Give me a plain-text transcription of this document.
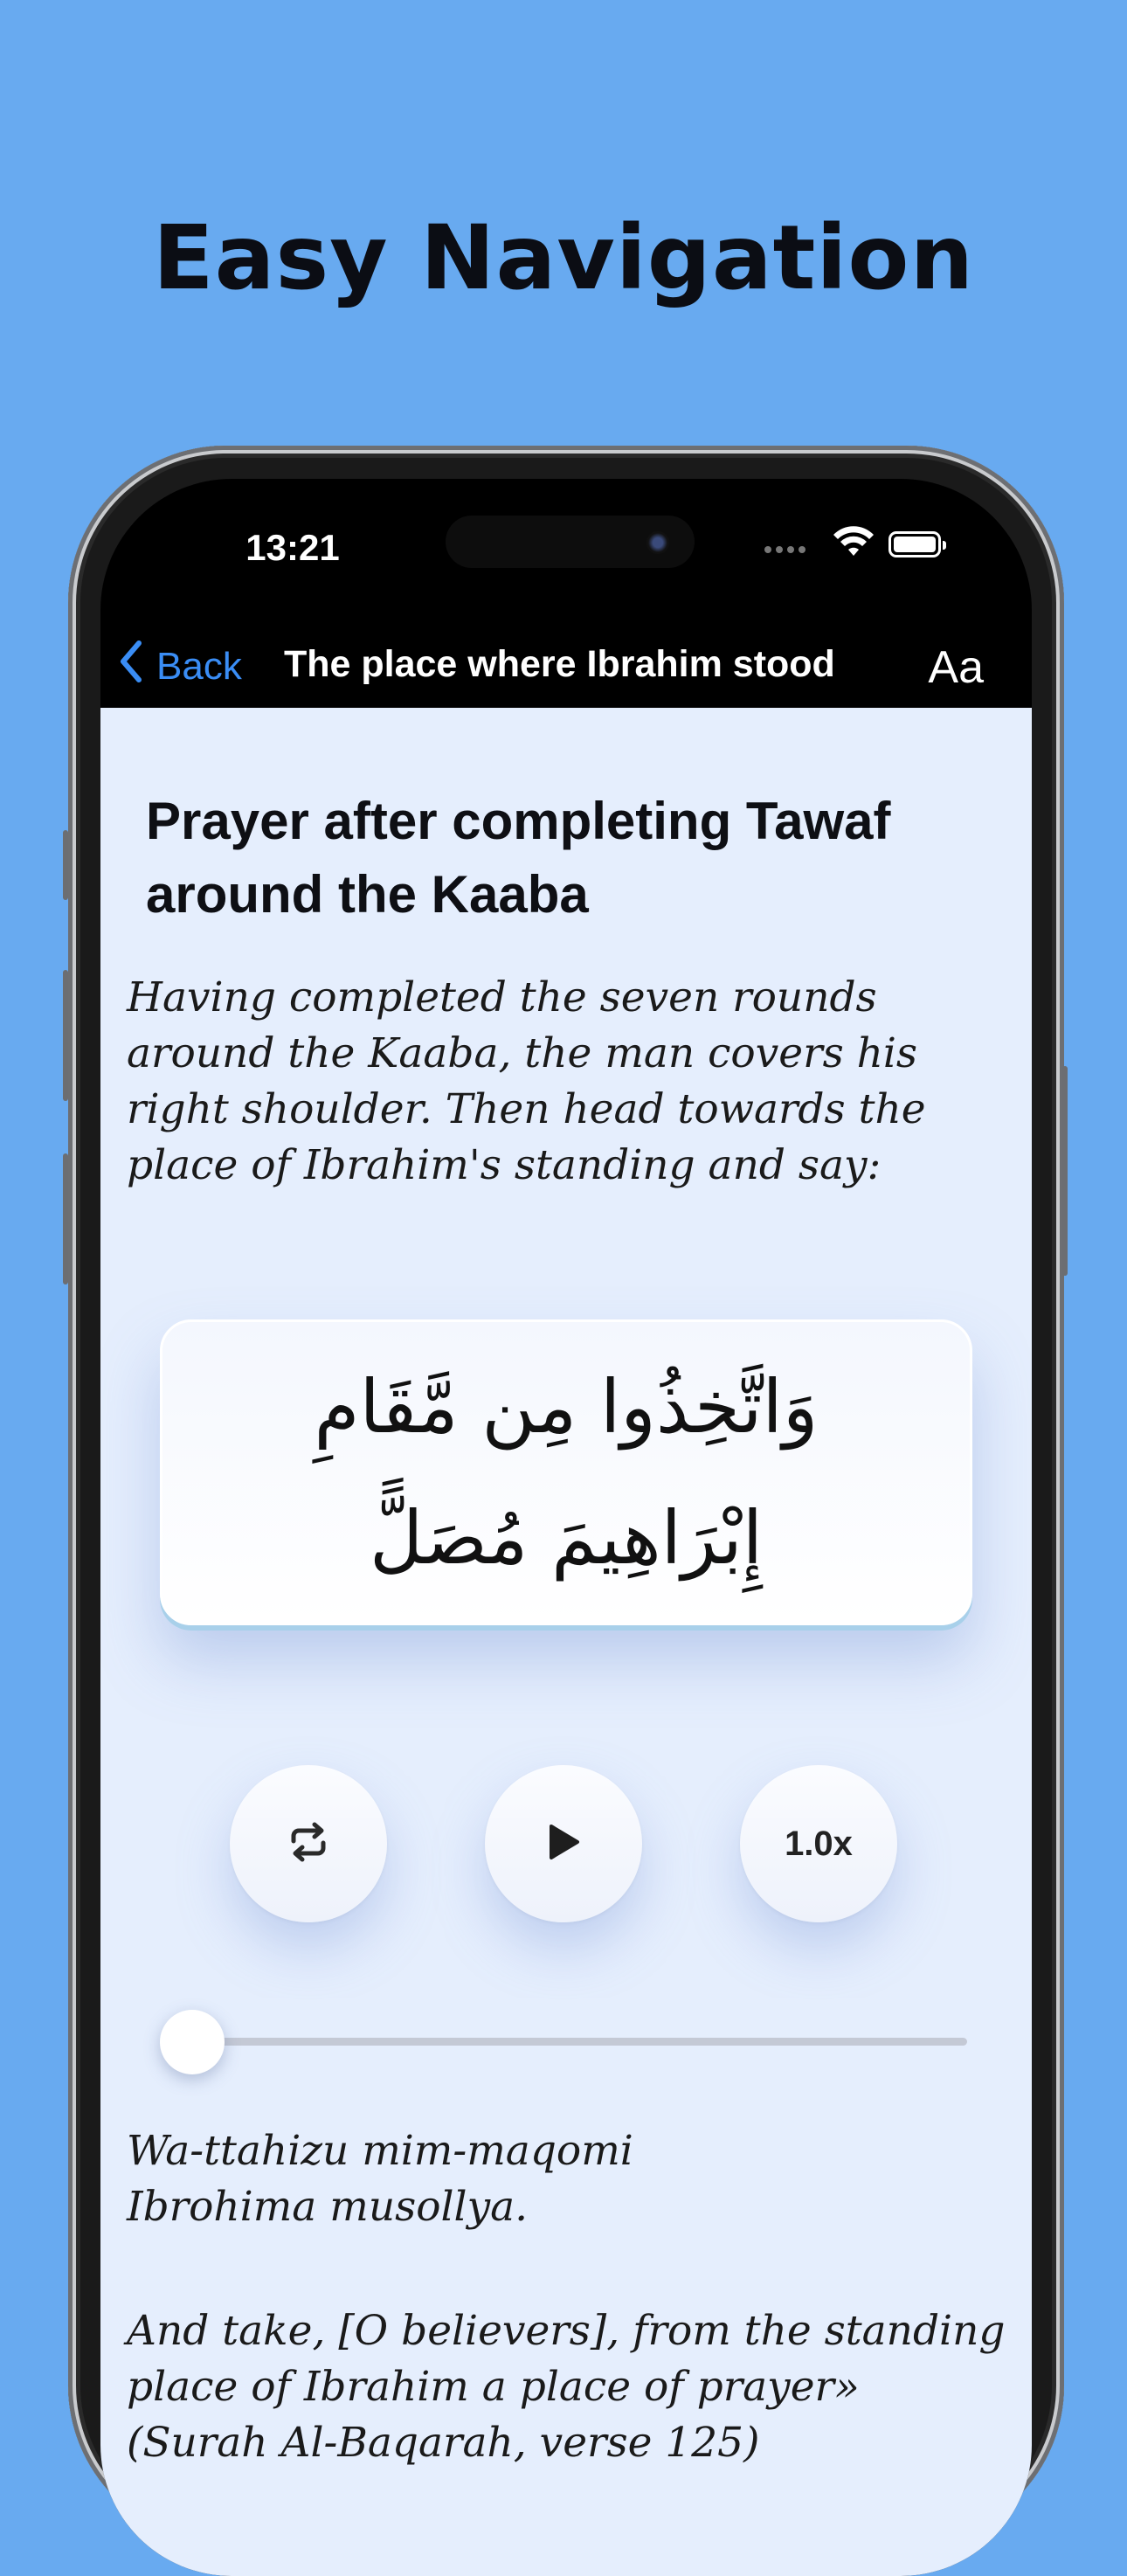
Easy Navigation
13:21
Back The place where Ibrahim stood Aa
Prayer after completing Tawaf around the Kaaba
Having completed the seven rounds around the Kaaba, the man covers his right shoulder. Then head towards the place of Ibrahim's standing and say:
وَاتَّخِذُوا مِن مَّقَامِ
إِبْرَاهِيمَ مُصَلًّ
1.0x
Wa-ttahizu mim-maqomi
Ibrohima musollya.
And take, [O believers], from the standing place of Ibrahim a place of prayer» (Surah Al-Baqarah, verse 125)
